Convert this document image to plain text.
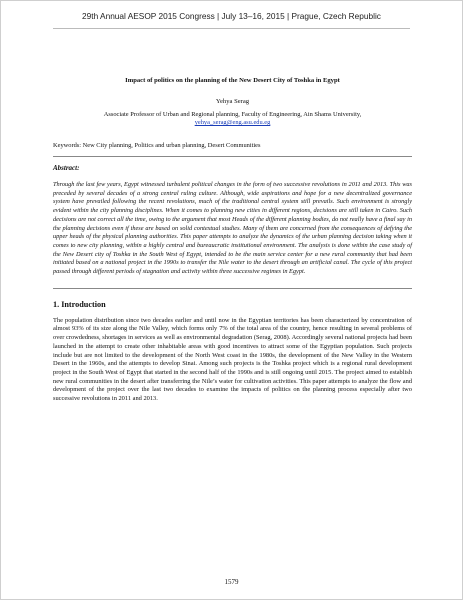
29th Annual AESOP 2015 Congress | July 13–16, 2015 | Prague, Czech Republic

Impact of politics on the planning of the New Desert City of Toshka in Egypt

Yehya Serag
Associate Professor of Urban and Regional planning, Faculty of Engineering, Ain Shams University,
yehya_serag@eng.asu.edu.eg
Keywords: New City planning, Politics and urban planning, Desert Communities
Abstract:
Through the last few years, Egypt witnessed turbulent political changes in the form of two successive revolutions in 2011 and 2013. This was preceded by several decades of a strong central ruling culture. Although, wide aspirations and hope for a new decentralized governance system have prevailed following the recent revolutions, much of the traditional central system still prevails. Such environment is strongly evident within the city planning disciplines. When it comes to planning new cities in different regions, decisions are still taken in Cairo. Such decisions are not correct all the time, owing to the argument that most Heads of the different planning bodies, do not really have a final say in the planning decisions even if these are based on solid contextual studies. Many of them are concerned from the consequences of defying the upper heads of the physical planning authorities. This paper attempts to analyze the dynamics of the urban planning decision taking when it comes to new city planning, within a highly central and bureaucratic institutional environment. The analysis is done within the case study of the New Desert city of Toshka in the South West of Egypt, intended to be the main service center for a new rural community that had been initiated based on a national project in the 1990s to transfer the Nile water to the desert through an artificial canal. The cycle of this project passed through different periods of stagnation and activity within three successive regimes in Egypt.
1. Introduction
The population distribution since two decades earlier and until now in the Egyptian territories has been characterized by concentration of almost 93% of its size along the Nile Valley, which forms only 7% of the total area of the country, hence resulting in several problems of over crowdedness, shortages in services as well as environmental degradation (Serag, 2008). Accordingly several national projects had been launched in the attempt to create other inhabitable areas with good incentives to attract some of the Egyptian population. Such projects include but are not limited to the development of the North West coast in the 1980s, the development of the New Valley in the Western Desert in the 1960s, and the attempts to develop Sinai. Among such projects is the Toshka project which is a regional rural development project in the South West of Egypt that started in the second half of the 1990s and is still ongoing until 2015. The project aimed to establish new rural communities in the desert after transferring the Nile’s water for cultivation activities. This paper attempts to analyze the flow and development of the project over the last two decades to examine the impacts of politics on the planning process especially after two successive revolutions in 2011 and 2013.
1579
